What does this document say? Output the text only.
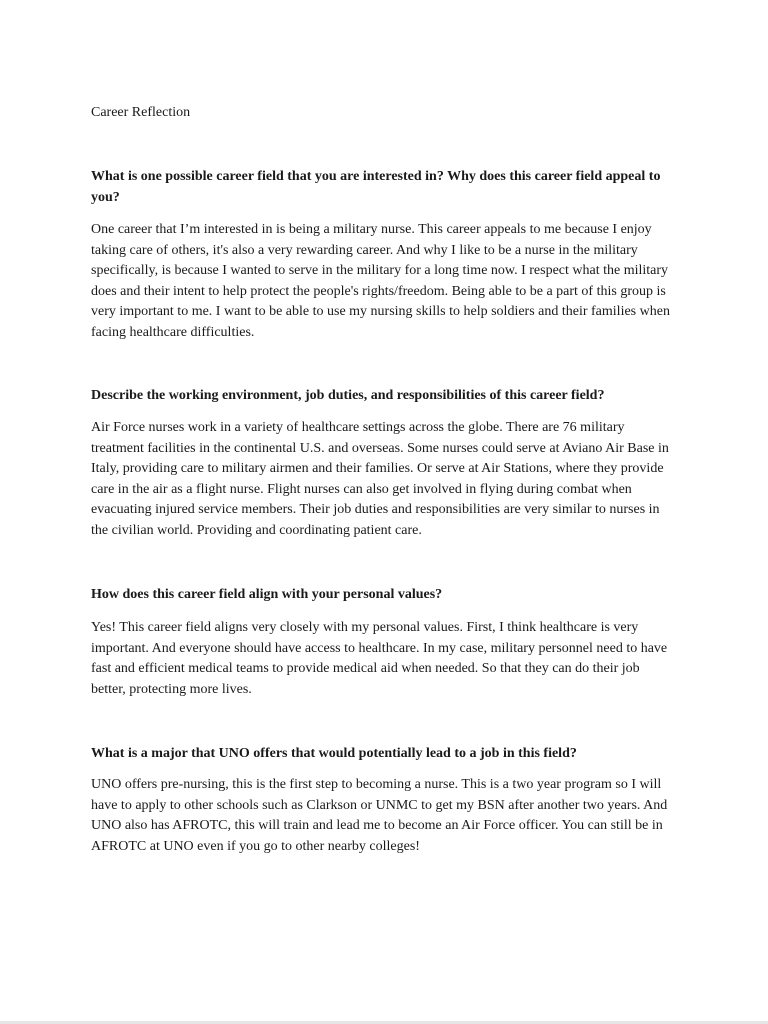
Career Reflection

What is one possible career field that you are interested in? Why does this career field appeal to you?

One career that I’m interested in is being a military nurse. This career appeals to me because I enjoy taking care of others, it's also a very rewarding career. And why I like to be a nurse in the military specifically, is because I wanted to serve in the military for a long time now. I respect what the military does and their intent to help protect the people's rights/freedom. Being able to be a part of this group is very important to me. I want to be able to use my nursing skills to help soldiers and their families when facing healthcare difficulties.

Describe the working environment, job duties, and responsibilities of this career field?

Air Force nurses work in a variety of healthcare settings across the globe. There are 76 military treatment facilities in the continental U.S. and overseas. Some nurses could serve at Aviano Air Base in Italy, providing care to military airmen and their families. Or serve at Air Stations, where they provide care in the air as a flight nurse. Flight nurses can also get involved in flying during combat when evacuating injured service members. Their job duties and responsibilities are very similar to nurses in the civilian world. Providing and coordinating patient care.

How does this career field align with your personal values?

Yes! This career field aligns very closely with my personal values. First, I think healthcare is very important. And everyone should have access to healthcare. In my case, military personnel need to have fast and efficient medical teams to provide medical aid when needed. So that they can do their job better, protecting more lives.

What is a major that UNO offers that would potentially lead to a job in this field?

UNO offers pre-nursing, this is the first step to becoming a nurse. This is a two year program so I will have to apply to other schools such as Clarkson or UNMC to get my BSN after another two years. And UNO also has AFROTC, this will train and lead me to become an Air Force officer. You can still be in AFROTC at UNO even if you go to other nearby colleges!
